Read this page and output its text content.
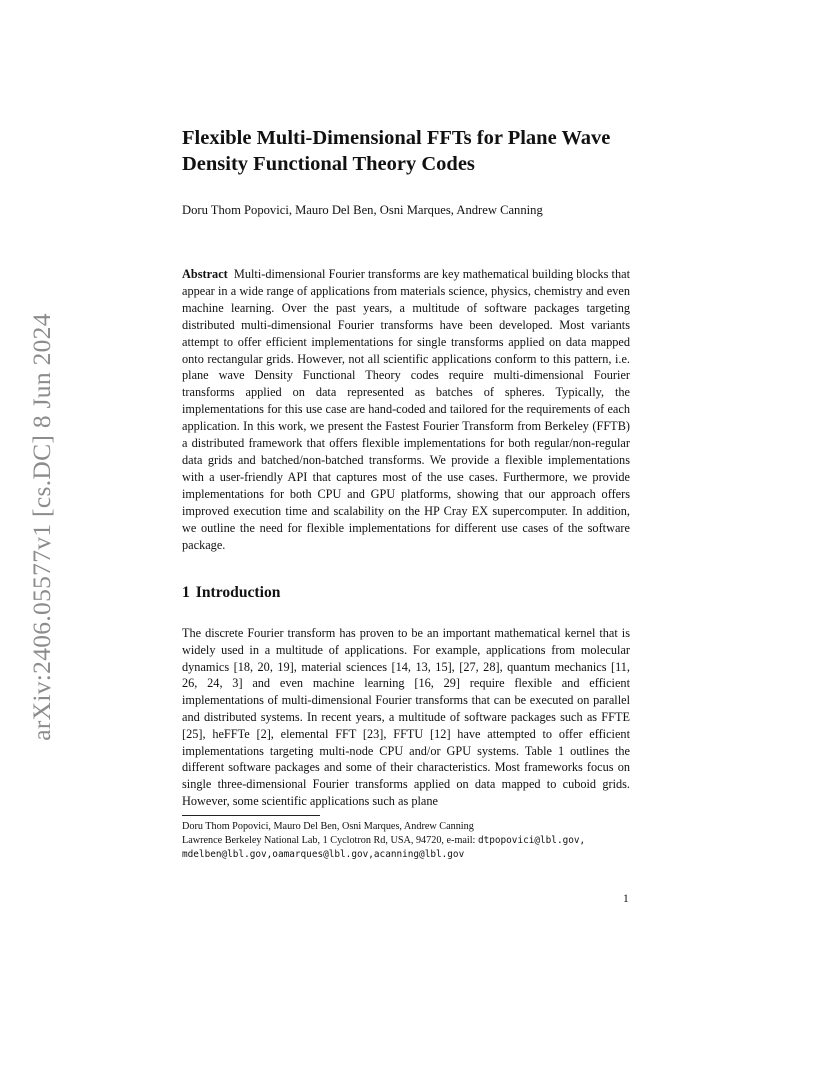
arXiv:2406.05577v1 [cs.DC] 8 Jun 2024
Flexible Multi-Dimensional FFTs for Plane Wave Density Functional Theory Codes

Doru Thom Popovici, Mauro Del Ben, Osni Marques, Andrew Canning

Abstract Multi-dimensional Fourier transforms are key mathematical building blocks that appear in a wide range of applications from materials science, physics, chemistry and even machine learning. Over the past years, a multitude of software packages targeting distributed multi-dimensional Fourier transforms have been developed. Most variants attempt to offer efficient implementations for single transforms applied on data mapped onto rectangular grids. However, not all scientific applications conform to this pattern, i.e. plane wave Density Functional Theory codes require multi-dimensional Fourier transforms applied on data represented as batches of spheres. Typically, the implementations for this use case are hand-coded and tailored for the requirements of each application. In this work, we present the Fastest Fourier Transform from Berkeley (FFTB) a distributed framework that offers flexible implementations for both regular/non-regular data grids and batched/non-batched transforms. We provide a flexible implementations with a user-friendly API that captures most of the use cases. Furthermore, we provide implementations for both CPU and GPU platforms, showing that our approach offers improved execution time and scalability on the HP Cray EX supercomputer. In addition, we outline the need for flexible implementations for different use cases of the software package.

1 Introduction

The discrete Fourier transform has proven to be an important mathematical kernel that is widely used in a multitude of applications. For example, applications from molecular dynamics [18, 20, 19], material sciences [14, 13, 15], [27, 28], quantum mechanics [11, 26, 24, 3] and even machine learning [16, 29] require flexible and efficient implementations of multi-dimensional Fourier transforms that can be executed on parallel and distributed systems. In recent years, a multitude of software packages such as FFTE [25], heFFTe [2], elemental FFT [23], FFTU [12] have attempted to offer efficient implementations targeting multi-node CPU and/or GPU systems. Table 1 outlines the different software packages and some of their characteristics. Most frameworks focus on single three-dimensional Fourier transforms applied on data mapped to cuboid grids. However, some scientific applications such as plane

Doru Thom Popovici, Mauro Del Ben, Osni Marques, Andrew Canning
Lawrence Berkeley National Lab, 1 Cyclotron Rd, USA, 94720, e-mail: dtpopovici@lbl.gov,
mdelben@lbl.gov,oamarques@lbl.gov,acanning@lbl.gov
1
